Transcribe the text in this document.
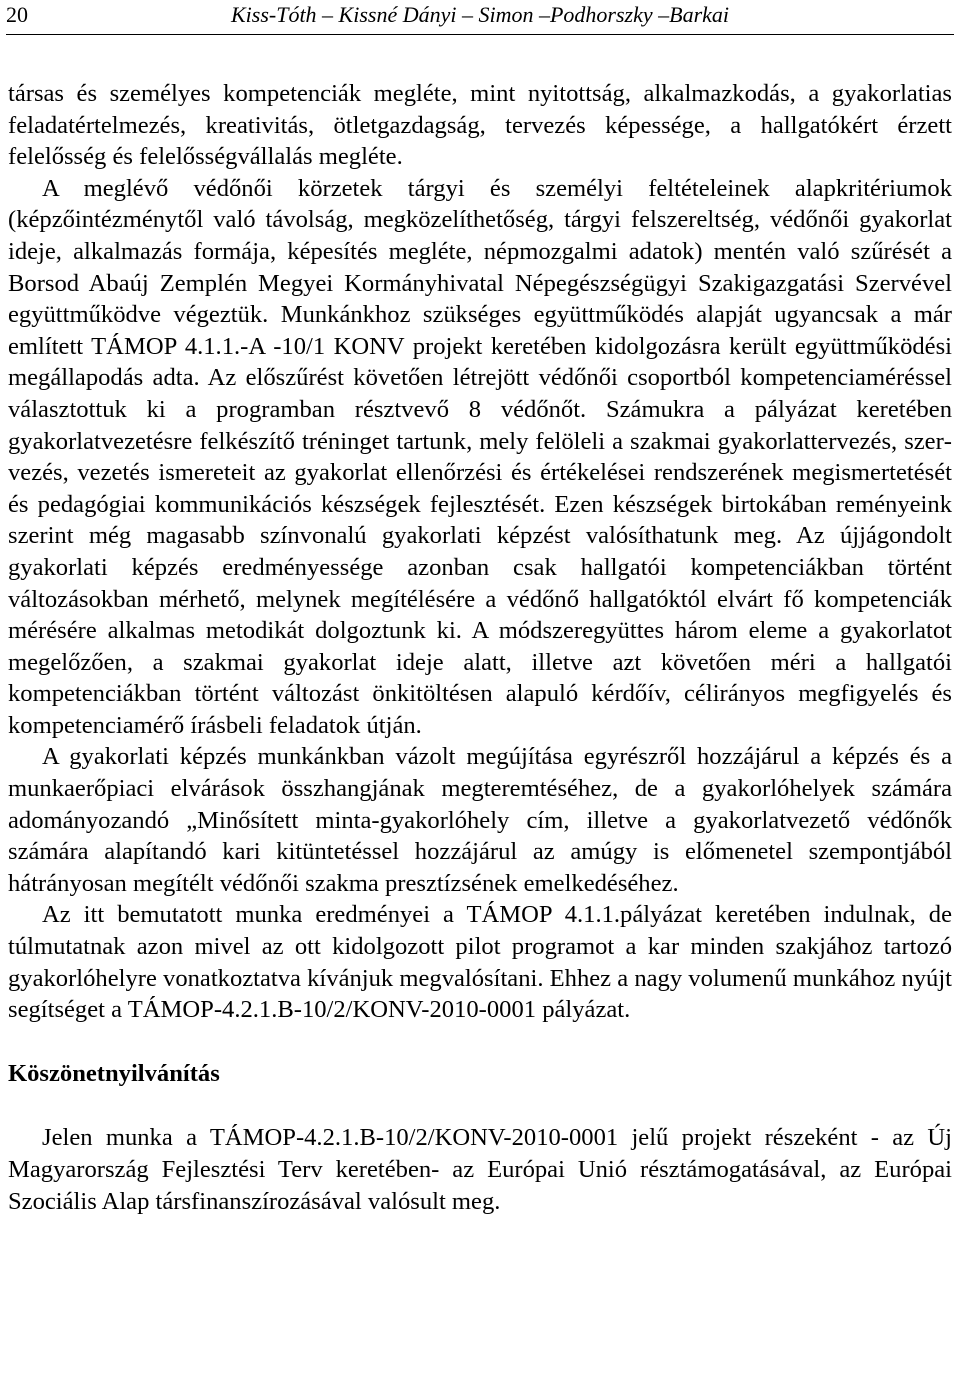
20	Kiss-Tóth – Kissné Dányi – Simon –Podhorszky –Barkai

társas és személyes kompetenciák megléte, mint nyitottság, alkalmazkodás, a gyakorlatias feladatértelmezés, kreativitás, ötletgazdagság, tervezés képessége, a hallgatókért érzett felelősség és felelősségvállalás megléte.

A meglévő védőnői körzetek tárgyi és személyi feltételeinek alapkritériumok (képzőintézménytől való távolság, megközelíthetőség, tárgyi felszereltség, védőnői gyakorlat ideje, alkalmazás formája, képesítés megléte, népmozgalmi adatok) mentén való szűrését a Borsod Abaúj Zemplén Megyei Kormányhivatal Népegészségügyi Szakigazgatási Szervével együttműködve végeztük. Munkánkhoz szükséges együttműködés alapját ugyancsak a már említett TÁMOP 4.1.1.-A -10/1 KONV projekt keretében kidolgozásra került együttműködési megállapodás adta. Az előszűrést követően létrejött védőnői csoportból kompetenciaméréssel választottuk ki a programban résztvevő 8 védőnőt. Számukra a pályázat keretében gyakorlatvezetésre felkészítő tréninget tartunk, mely felöleli a szakmai gyakorlattervezés, szervezés, vezetés ismereteit az gyakorlat ellenőrzési és értékelései rendszerének megismertetését és pedagógiai kommunikációs készségek fejlesztését. Ezen készségek birtokában reményeink szerint még magasabb színvonalú gyakorlati képzést valósíthatunk meg. Az újjágondolt gyakorlati képzés eredményessége azonban csak hallgatói kompetenciákban történt változásokban mérhető, melynek megítélésére a védőnő hallgatóktól elvárt fő kompetenciák mérésére alkalmas metodikát dolgoztunk ki. A módszeregyüttes három eleme a gyakorlatot megelőzően, a szakmai gyakorlat ideje alatt, illetve azt követően méri a hallgatói kompetenciákban történt változást önkitöltésen alapuló kérdőív, célirányos megfigyelés és kompetenciamérő írásbeli feladatok útján.

A gyakorlati képzés munkánkban vázolt megújítása egyrészről hozzájárul a képzés és a munkaerőpiaci elvárások összhangjának megteremtéséhez, de a gyakorlóhelyek számára adományozandó „Minősített minta-gyakorlóhely cím, illetve a gyakorlatvezető védőnők számára alapítandó kari kitüntetéssel hozzájárul az amúgy is előmenetel szempontjából hátrányosan megítélt védőnői szakma presztízsének emelkedéséhez.

Az itt bemutatott munka eredményei a TÁMOP 4.1.1.pályázat keretében indulnak, de túlmutatnak azon mivel az ott kidolgozott pilot programot a kar minden szakjához tartozó gyakorlóhelyre vonatkoztatva kívánjuk megvalósítani. Ehhez a nagy volumenű munkához nyújt segítséget a TÁMOP-4.2.1.B-10/2/KONV-2010-0001 pályázat.

Köszönetnyilvánítás

Jelen munka a TÁMOP-4.2.1.B-10/2/KONV-2010-0001 jelű projekt részeként - az Új Magyarország Fejlesztési Terv keretében- az Európai Unió résztámogatásával, az Európai Szociális Alap társfinanszírozásával valósult meg.
